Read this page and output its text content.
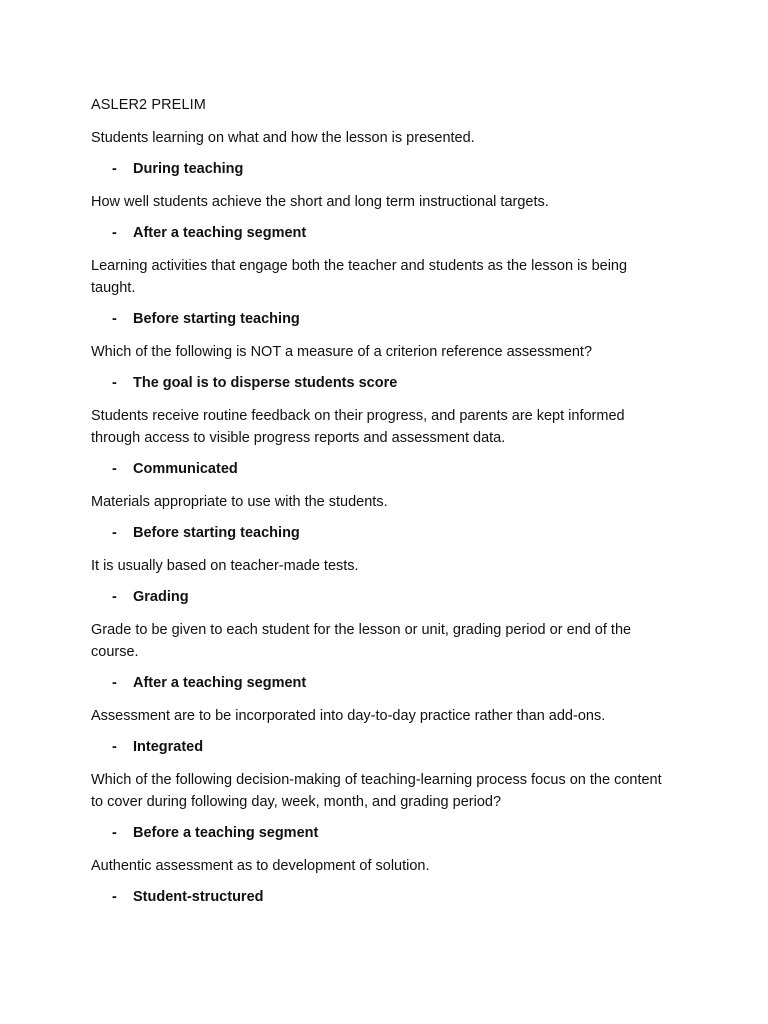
ASLER2 PRELIM
Students learning on what and how the lesson is presented.
-	During teaching
How well students achieve the short and long term instructional targets.
-	After a teaching segment
Learning activities that engage both the teacher and students as the lesson is being taught.
-	Before starting teaching
Which of the following is NOT a measure of a criterion reference assessment?
-	The goal is to disperse students score
Students receive routine feedback on their progress, and parents are kept informed through access to visible progress reports and assessment data.
-	Communicated
Materials appropriate to use with the students.
-	Before starting teaching
It is usually based on teacher-made tests.
-	Grading
Grade to be given to each student for the lesson or unit, grading period or end of the course.
-	After a teaching segment
Assessment are to be incorporated into day-to-day practice rather than add-ons.
-	Integrated
Which of the following decision-making of teaching-learning process focus on the content to cover during following day, week, month, and grading period?
-	Before a teaching segment
Authentic assessment as to development of solution.
-	Student-structured
